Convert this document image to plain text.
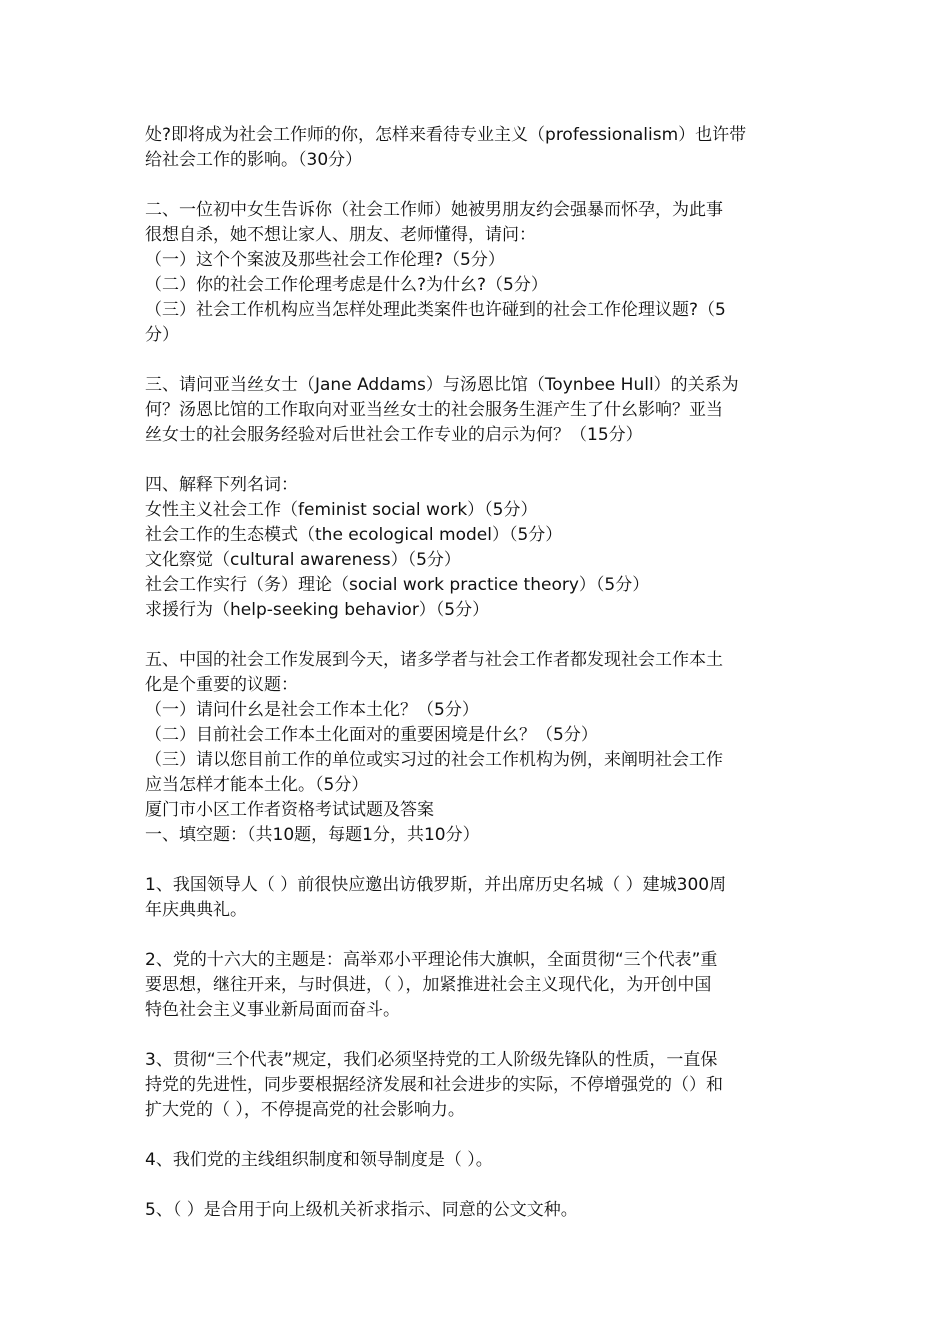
处?即将成为社会工作师的你，怎样来看待专业主义（professionalism）也许带
给社会工作的影响。（30分）
二、一位初中女生告诉你（社会工作师）她被男朋友约会强暴而怀孕，为此事
很想自杀，她不想让家人、朋友、老师懂得，请问：
（一）这个个案波及那些社会工作伦理?（5分）
（二）你的社会工作伦理考虑是什么?为什幺?（5分）
（三）社会工作机构应当怎样处理此类案件也许碰到的社会工作伦理议题?（5
分）
三、请问亚当丝女士（Jane Addams）与汤恩比馆（Toynbee Hull）的关系为
何？汤恩比馆的工作取向对亚当丝女士的社会服务生涯产生了什幺影响？亚当
丝女士的社会服务经验对后世社会工作专业的启示为何？（15分）
四、解释下列名词：
女性主义社会工作（feminist social work）（5分）
社会工作的生态模式（the ecological model）（5分）
文化察觉（cultural awareness）（5分）
社会工作实行（务）理论（social work practice theory）（5分）
求援行为（help-seeking behavior）（5分）
五、中国的社会工作发展到今天，诸多学者与社会工作者都发现社会工作本土
化是个重要的议题：
（一）请问什幺是社会工作本土化？（5分）
（二）目前社会工作本土化面对的重要困境是什幺？（5分）
（三）请以您目前工作的单位或实习过的社会工作机构为例，来阐明社会工作
应当怎样才能本土化。（5分）
厦门市小区工作者资格考试试题及答案
一、填空题：（共10题，每题1分，共10分）
1、我国领导人（ ）前很快应邀出访俄罗斯，并出席历史名城（ ）建城300周
年庆典典礼。
2、党的十六大的主题是：高举邓小平理论伟大旗帜，全面贯彻“三个代表”重
要思想，继往开来，与时俱进，（ ），加紧推进社会主义现代化，为开创中国
特色社会主义事业新局面而奋斗。
3、贯彻“三个代表”规定，我们必须坚持党的工人阶级先锋队的性质，一直保
持党的先进性，同步要根据经济发展和社会进步的实际，不停增强党的（）和
扩大党的（ ），不停提高党的社会影响力。
4、我们党的主线组织制度和领导制度是（ ）。
5、（ ）是合用于向上级机关祈求指示、同意的公文文种。
